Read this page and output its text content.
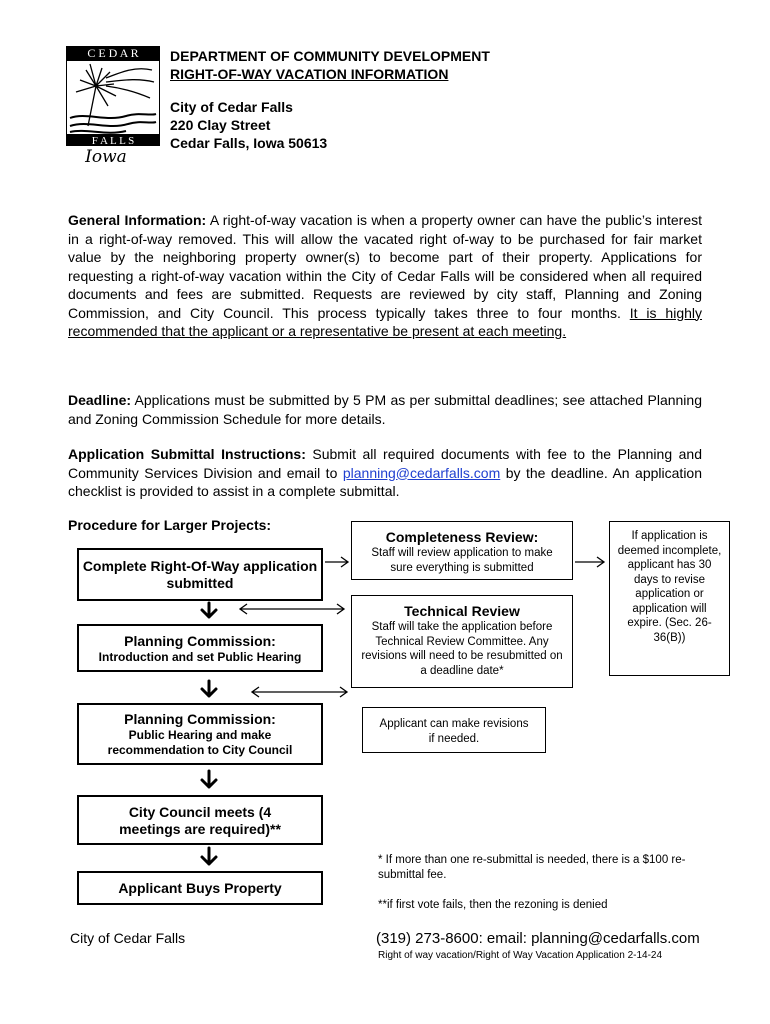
C E D A R
F A L L S
Iowa
DEPARTMENT OF COMMUNITY DEVELOPMENT
RIGHT-OF-WAY VACATION INFORMATION
City of Cedar Falls
220 Clay Street
Cedar Falls, Iowa 50613
General Information: A right-of-way vacation is when a property owner can have the public’s interest in a right-of-way removed. This will allow the vacated right of-way to be purchased for fair market value by the neighboring property owner(s) to become part of their property. Applications for requesting a right-of-way vacation within the City of Cedar Falls will be considered when all required documents and fees are submitted. Requests are reviewed by city staff, Planning and Zoning Commission, and City Council. This process typically takes three to four months. It is highly recommended that the applicant or a representative be present at each meeting.
Deadline: Applications must be submitted by 5 PM as per submittal deadlines; see attached Planning and Zoning Commission Schedule for more details.
Application Submittal Instructions: Submit all required documents with fee to the Planning and Community Services Division and email to planning@cedarfalls.com by the deadline. An application checklist is provided to assist in a complete submittal.
Procedure for Larger Projects:
Complete Right-Of-Way application submitted
Planning Commission:
Introduction and set Public Hearing
Planning Commission:
Public Hearing and make recommendation to City Council
City Council meets (4 meetings are required)**
Applicant Buys Property
Completeness Review:
Staff will review application to make sure everything is submitted
Technical Review
Staff will take the application before Technical Review Committee. Any revisions will need to be resubmitted on a deadline date*
Applicant can make revisions if needed.
If application is deemed incomplete, applicant has 30 days to revise application or application will expire. (Sec. 26-36(B))
* If more than one re-submittal is needed, there is a $100 re-submittal fee.
**if first vote fails, then the rezoning is denied
City of Cedar Falls	(319) 273-8600: email: planning@cedarfalls.com
Right of way vacation/Right of Way Vacation Application 2-14-24
